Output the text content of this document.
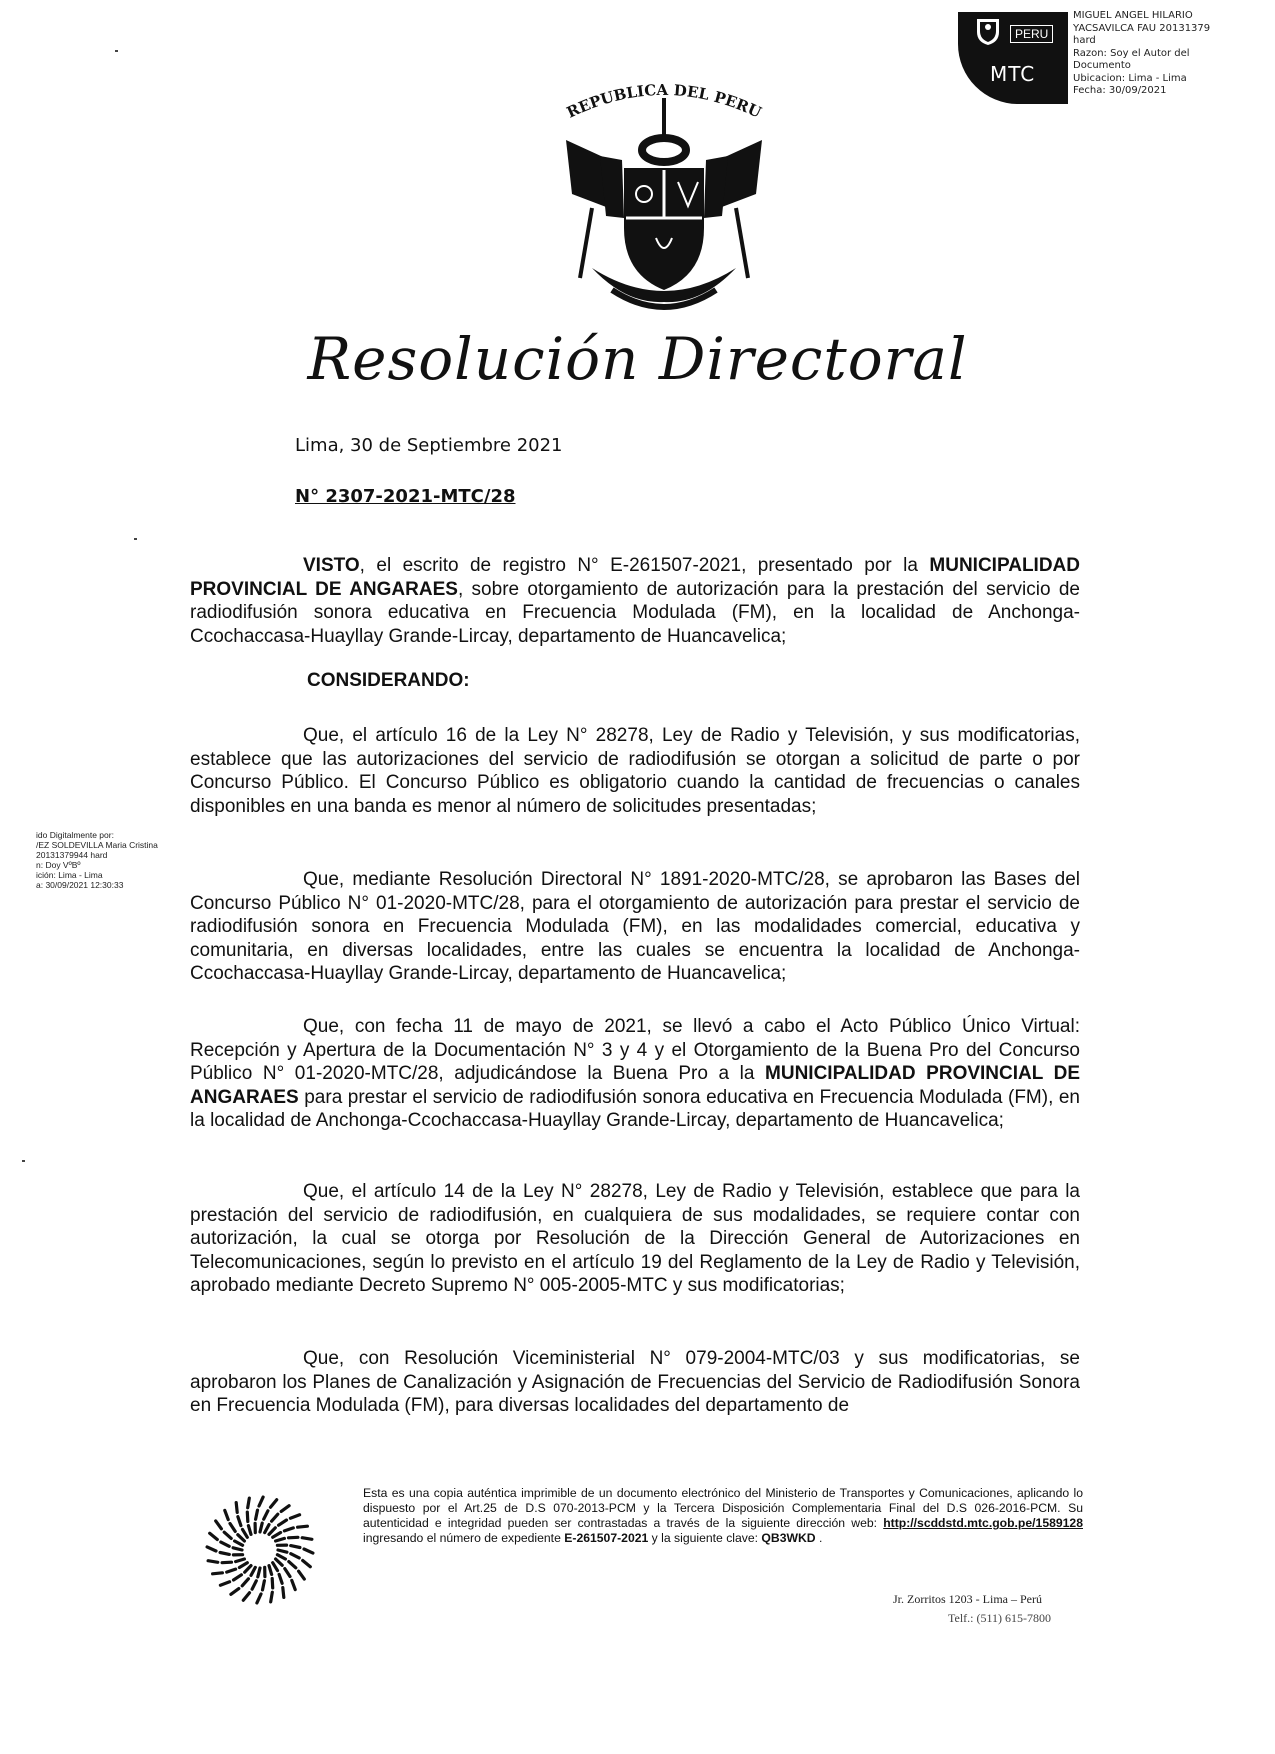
PERU
MTC
MIGUEL ANGEL HILARIO
YACSAVILCA FAU 20131379
hard
Razon: Soy el Autor del
Documento
Ubicacion: Lima - Lima
Fecha: 30/09/2021
REPUBLICA DEL PERU
Resolución Directoral
Lima, 30 de Septiembre 2021
N° 2307-2021-MTC/28
VISTO, el escrito de registro N° E-261507-2021, presentado por la MUNICIPALIDAD PROVINCIAL DE ANGARAES, sobre otorgamiento de autorización para la prestación del servicio de radiodifusión sonora educativa en Frecuencia Modulada (FM), en la localidad de Anchonga-Ccochaccasa-Huayllay Grande-Lircay, departamento de Huancavelica;
CONSIDERANDO:
Que, el artículo 16 de la Ley N° 28278, Ley de Radio y Televisión, y sus modificatorias, establece que las autorizaciones del servicio de radiodifusión se otorgan a solicitud de parte o por Concurso Público. El Concurso Público es obligatorio cuando la cantidad de frecuencias o canales disponibles en una banda es menor al número de solicitudes presentadas;
Que, mediante Resolución Directoral N° 1891-2020-MTC/28, se aprobaron las Bases del Concurso Público N° 01-2020-MTC/28, para el otorgamiento de autorización para prestar el servicio de radiodifusión sonora en Frecuencia Modulada (FM), en las modalidades comercial, educativa y comunitaria, en diversas localidades, entre las cuales se encuentra la localidad de Anchonga-Ccochaccasa-Huayllay Grande-Lircay, departamento de Huancavelica;
Que, con fecha 11 de mayo de 2021, se llevó a cabo el Acto Público Único Virtual: Recepción y Apertura de la Documentación N° 3 y 4 y el Otorgamiento de la Buena Pro del Concurso Público N° 01-2020-MTC/28, adjudicándose la Buena Pro a la MUNICIPALIDAD PROVINCIAL DE ANGARAES para prestar el servicio de radiodifusión sonora educativa en Frecuencia Modulada (FM), en la localidad de Anchonga-Ccochaccasa-Huayllay Grande-Lircay, departamento de Huancavelica;
Que, el artículo 14 de la Ley N° 28278, Ley de Radio y Televisión, establece que para la prestación del servicio de radiodifusión, en cualquiera de sus modalidades, se requiere contar con autorización, la cual se otorga por Resolución de la Dirección General de Autorizaciones en Telecomunicaciones, según lo previsto en el artículo 19 del Reglamento de la Ley de Radio y Televisión, aprobado mediante Decreto Supremo N° 005-2005-MTC y sus modificatorias;
Que, con Resolución Viceministerial N° 079-2004-MTC/03 y sus modificatorias, se aprobaron los Planes de Canalización y Asignación de Frecuencias del Servicio de Radiodifusión Sonora en Frecuencia Modulada (FM), para diversas localidades del departamento de
ido Digitalmente por:
/EZ SOLDEVILLA Maria Cristina
20131379944 hard
n: Doy VºBº
ición: Lima - Lima
a: 30/09/2021 12:30:33
Esta es una copia auténtica imprimible de un documento electrónico del Ministerio de Transportes y Comunicaciones, aplicando lo dispuesto por el Art.25 de D.S 070-2013-PCM y la Tercera Disposición Complementaria Final del D.S 026-2016-PCM. Su autenticidad e integridad pueden ser contrastadas a través de la siguiente dirección web: http://scddstd.mtc.gob.pe/1589128 ingresando el número de expediente E-261507-2021 y la siguiente clave: QB3WKD .
Jr. Zorritos 1203 - Lima – Perú
Telf.: (511) 615-7800
